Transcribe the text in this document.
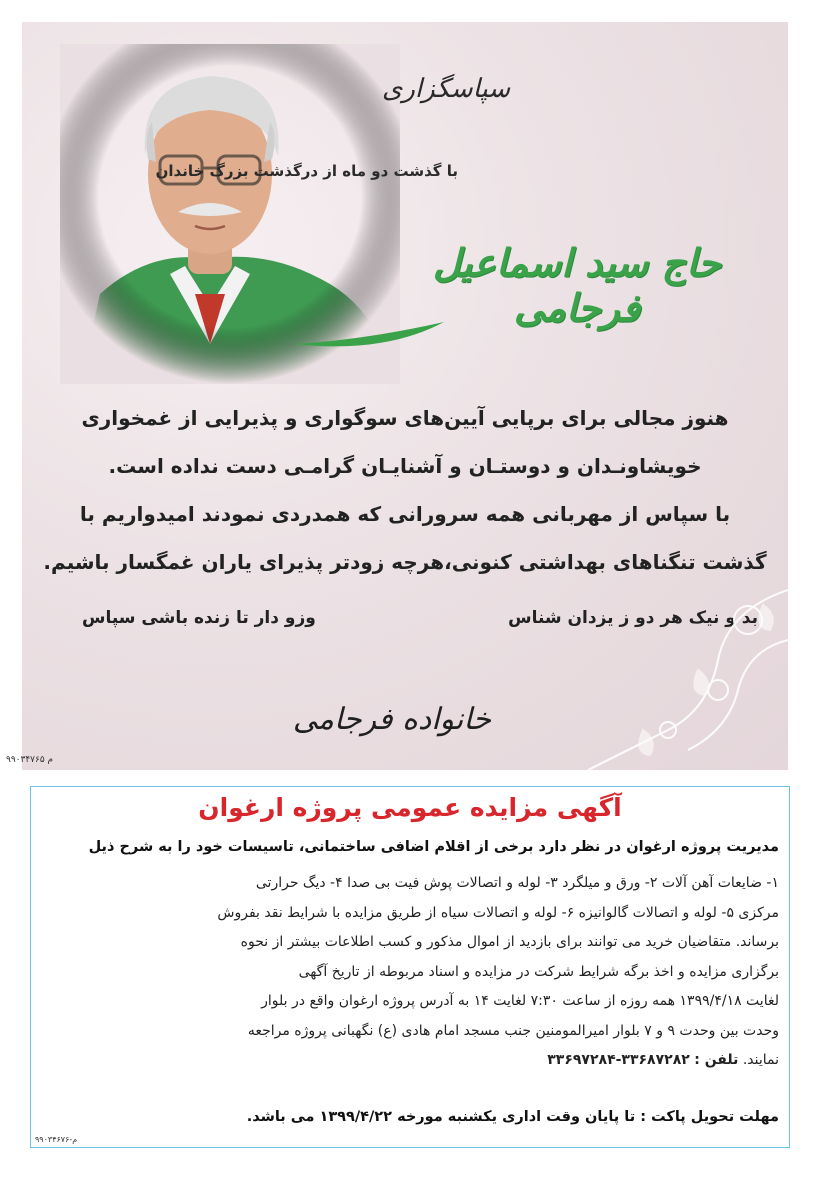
سپاسگزاری
با گذشت دو ماه از درگذشت بزرگ خاندان
حاج سید اسماعیل فرجامی

هنوز مجالی برای برپایی آیین‌های سوگواری و پذیرایی از غمخواری

خویشاونـدان و دوستـان و آشنایـان گرامـی دست نداده است.

با سپاس از مهربانی همه سرورانی که همدردی نمودند امیدواریم با

گذشت تنگناهای بهداشتی کنونی،هرچه زودتر پذیرای یاران غمگسار باشیم.

بد و نیک هر دو ز یزدان شناس
وزو دار تا زنده باشی سپاس
خانواده فرجامی
۹۹۰۳۴۷۶۵ م
آگهی مزایده عمومی پروژه ارغوان
مدیریت پروژه ارغوان در نظر دارد برخی از اقلام اضافی ساختمانی، تاسیسات خود را به شرح ذیل

۱- ضایعات آهن آلات ۲- ورق و میلگرد ۳- لوله و اتصالات پوش فیت بی صدا ۴- دیگ حرارتی

مرکزی ۵- لوله و اتصالات گالوانیزه ۶- لوله و اتصالات سیاه از طریق مزایده با شرایط نقد بفروش

برساند. متقاضیان خرید می توانند برای بازدید از اموال مذکور و کسب اطلاعات بیشتر از نحوه

برگزاری مزایده و اخذ برگه شرایط شرکت در مزایده و اسناد مربوطه از تاریخ آگهی

لغایت ۱۳۹۹/۴/۱۸ همه روزه از ساعت ۷:۳۰ لغایت ۱۴ به آدرس پروژه ارغوان واقع در بلوار

وحدت بین وحدت ۹ و ۷ بلوار امیرالمومنین جنب مسجد امام هادی (ع) نگهبانی پروژه مراجعه

نمایند. تلفن : ۳۳۶۸۷۲۸۲-۳۳۶۹۷۲۸۴

مهلت تحویل پاکت : تا پایان وقت اداری یکشنبه مورخه ۱۳۹۹/۴/۲۲ می باشد.
۹۹۰۳۴۶۷۶-م
